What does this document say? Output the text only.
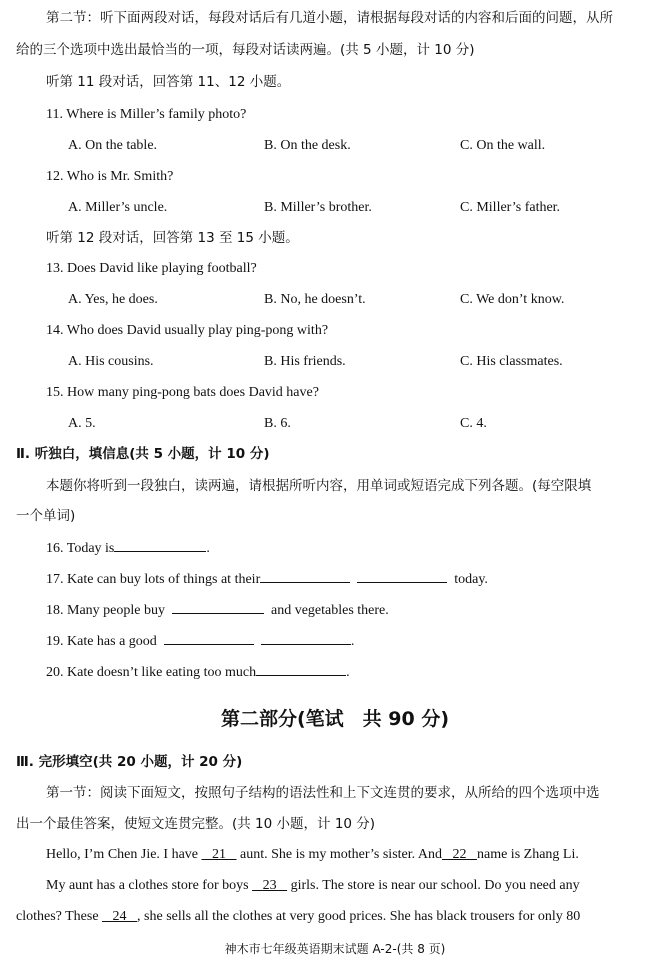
第二节：听下面两段对话，每段对话后有几道小题，请根据每段对话的内容和后面的问题，从所
给的三个选项中选出最恰当的一项，每段对话读两遍。(共 5 小题，计 10 分)
听第 11 段对话，回答第 11、12 小题。
11. Where is Miller’s family photo?
A. On the table.	B. On the desk.	C. On the wall.
12. Who is Mr. Smith?
A. Miller’s uncle.	B. Miller’s brother.	C. Miller’s father.
听第 12 段对话，回答第 13 至 15 小题。
13. Does David like playing football?
A. Yes, he does.	B. No, he doesn’t.	C. We don’t know.
14. Who does David usually play ping-pong with?
A. His cousins.	B. His friends.	C. His classmates.
15. How many ping-pong bats does David have?
A. 5.	B. 6.	C. 4.
Ⅱ. 听独白，填信息(共 5 小题，计 10 分)
本题你将听到一段独白，读两遍，请根据所听内容，用单词或短语完成下列各题。(每空限填
一个单词)
16. Today is	.
17. Kate can buy lots of things at their	today.
18. Many people buy	and vegetables there.
19. Kate has a good	.
20. Kate doesn’t like eating too much	.
第二部分(笔试　共 90 分)
Ⅲ. 完形填空(共 20 小题，计 20 分)
第一节：阅读下面短文，按照句子结构的语法性和上下文连贯的要求，从所给的四个选项中选
出一个最佳答案，使短文连贯完整。(共 10 小题，计 10 分)
Hello, I’m Chen Jie. I have 21 aunt. She is my mother’s sister. And 22 name is Zhang Li.
My aunt has a clothes store for boys 23 girls. The store is near our school. Do you need any
clothes? These 24 , she sells all the clothes at very good prices. She has black trousers for only 80
神木市七年级英语期末试题 A-2-(共 8 页)
